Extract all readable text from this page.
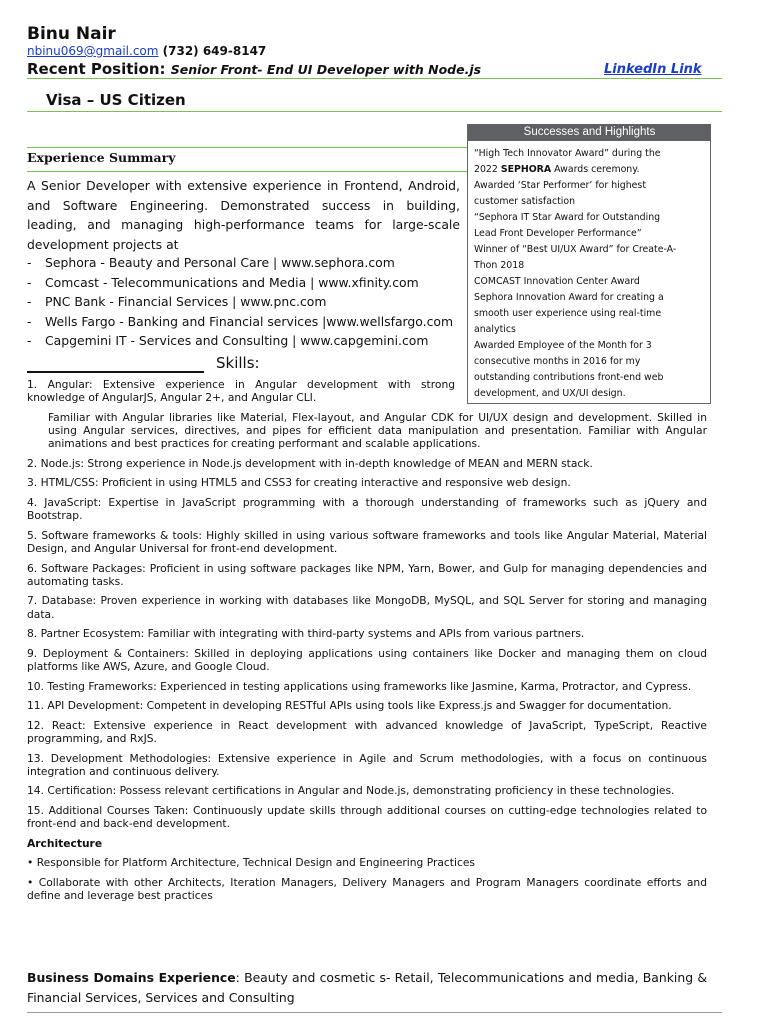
Binu Nair
nbinu069@gmail.com (732) 649-8147
Recent Position: Senior Front- End UI Developer with Node.js	LinkedIn Link
Visa – US Citizen
Successes and Highlights
“High Tech Innovator Award” during the
2022 SEPHORA Awards ceremony.
Awarded ‘Star Performer’ for highest
customer satisfaction
“Sephora IT Star Award for Outstanding
Lead Front Developer Performance”
Winner of “Best UI/UX Award” for Create-A-
Thon 2018
COMCAST Innovation Center Award
Sephora Innovation Award for creating a
smooth user experience using real-time
analytics
Awarded Employee of the Month for 3
consecutive months in 2016 for my
outstanding contributions front-end web
development, and UX/UI design.
Experience Summary
A Senior Developer with extensive experience in Frontend, Android, and Software Engineering. Demonstrated success in building, leading, and managing high-performance teams for large-scale development projects at
- Sephora - Beauty and Personal Care | www.sephora.com
- Comcast - Telecommunications and Media | www.xfinity.com
- PNC Bank - Financial Services | www.pnc.com
- Wells Fargo - Banking and Financial services |www.wellsfargo.com
- Capgemini IT - Services and Consulting | www.capgemini.com
Skills:

1. Angular: Extensive experience in Angular development with strong knowledge of AngularJS, Angular 2+, and Angular CLI.

Familiar with Angular libraries like Material, Flex-layout, and Angular CDK for UI/UX design and development. Skilled in using Angular services, directives, and pipes for efficient data manipulation and presentation. Familiar with Angular animations and best practices for creating performant and scalable applications.

2. Node.js: Strong experience in Node.js development with in-depth knowledge of MEAN and MERN stack.

3. HTML/CSS: Proficient in using HTML5 and CSS3 for creating interactive and responsive web design.

4. JavaScript: Expertise in JavaScript programming with a thorough understanding of frameworks such as jQuery and Bootstrap.

5. Software frameworks & tools: Highly skilled in using various software frameworks and tools like Angular Material, Material Design, and Angular Universal for front-end development.

6. Software Packages: Proficient in using software packages like NPM, Yarn, Bower, and Gulp for managing dependencies and automating tasks.

7. Database: Proven experience in working with databases like MongoDB, MySQL, and SQL Server for storing and managing data.

8. Partner Ecosystem: Familiar with integrating with third-party systems and APIs from various partners.

9. Deployment & Containers: Skilled in deploying applications using containers like Docker and managing them on cloud platforms like AWS, Azure, and Google Cloud.

10. Testing Frameworks: Experienced in testing applications using frameworks like Jasmine, Karma, Protractor, and Cypress.

11. API Development: Competent in developing RESTful APIs using tools like Express.js and Swagger for documentation.

12. React: Extensive experience in React development with advanced knowledge of JavaScript, TypeScript, Reactive programming, and RxJS.

13. Development Methodologies: Extensive experience in Agile and Scrum methodologies, with a focus on continuous integration and continuous delivery.

14. Certification: Possess relevant certifications in Angular and Node.js, demonstrating proficiency in these technologies.

15. Additional Courses Taken: Continuously update skills through additional courses on cutting-edge technologies related to front-end and back-end development.

Architecture

• Responsible for Platform Architecture, Technical Design and Engineering Practices

• Collaborate with other Architects, Iteration Managers, Delivery Managers and Program Managers coordinate efforts and define and leverage best practices

Business Domains Experience: Beauty and cosmetic s- Retail, Telecommunications and media, Banking & Financial Services, Services and Consulting
